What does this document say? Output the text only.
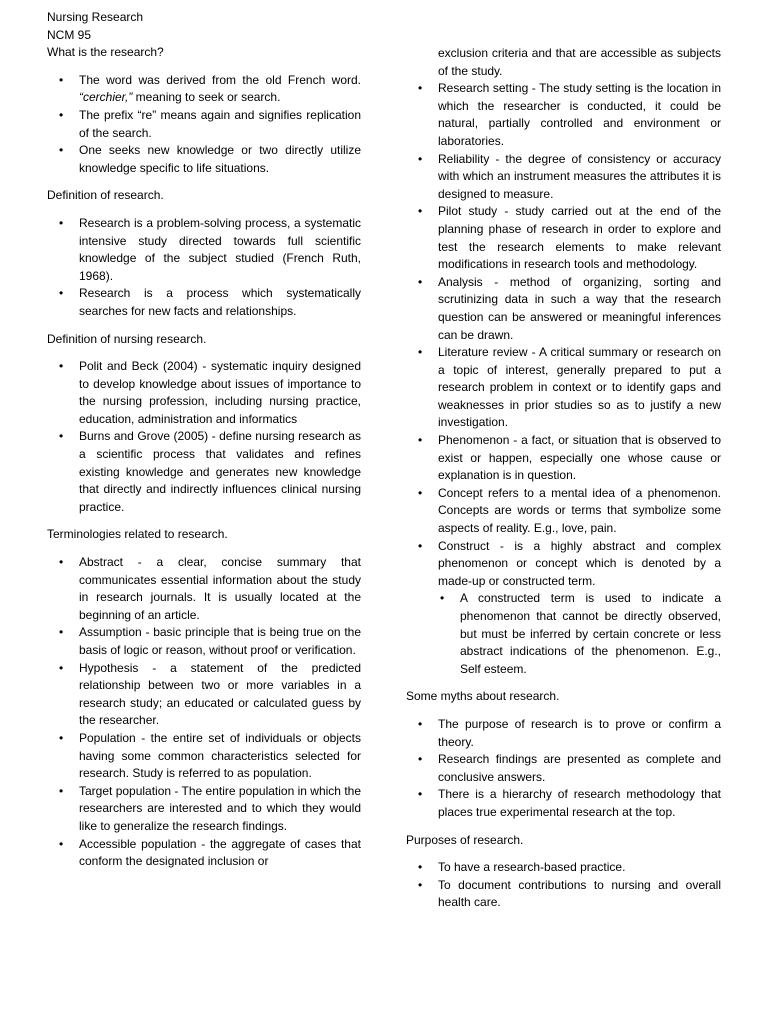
Nursing Research

NCM 95

What is the research?

• The word was derived from the old French word. “cerchier,” meaning to seek or search.
• The prefix “re” means again and signifies replication of the search.
• One seeks new knowledge or two directly utilize knowledge specific to life situations.

Definition of research.

• Research is a problem-solving process, a systematic intensive study directed towards full scientific knowledge of the subject studied (French Ruth, 1968).
• Research is a process which systematically searches for new facts and relationships.

Definition of nursing research.

• Polit and Beck (2004) - systematic inquiry designed to develop knowledge about issues of importance to the nursing profession, including nursing practice, education, administration and informatics
• Burns and Grove (2005) - define nursing research as a scientific process that validates and refines existing knowledge and generates new knowledge that directly and indirectly influences clinical nursing practice.

Terminologies related to research.

• Abstract - a clear, concise summary that communicates essential information about the study in research journals. It is usually located at the beginning of an article.
• Assumption - basic principle that is being true on the basis of logic or reason, without proof or verification.
• Hypothesis - a statement of the predicted relationship between two or more variables in a research study; an educated or calculated guess by the researcher.
• Population - the entire set of individuals or objects having some common characteristics selected for research. Study is referred to as population.
• Target population - The entire population in which the researchers are interested and to which they would like to generalize the research findings.
• Accessible population - the aggregate of cases that conform the designated inclusion or
exclusion criteria and that are accessible as subjects of the study.
• Research setting - The study setting is the location in which the researcher is conducted, it could be natural, partially controlled and environment or laboratories.
• Reliability - the degree of consistency or accuracy with which an instrument measures the attributes it is designed to measure.
• Pilot study - study carried out at the end of the planning phase of research in order to explore and test the research elements to make relevant modifications in research tools and methodology.
• Analysis - method of organizing, sorting and scrutinizing data in such a way that the research question can be answered or meaningful inferences can be drawn.
• Literature review - A critical summary or research on a topic of interest, generally prepared to put a research problem in context or to identify gaps and weaknesses in prior studies so as to justify a new investigation.
• Phenomenon - a fact, or situation that is observed to exist or happen, especially one whose cause or explanation is in question.
• Concept refers to a mental idea of a phenomenon. Concepts are words or terms that symbolize some aspects of reality. E.g., love, pain.
• Construct - is a highly abstract and complex phenomenon or concept which is denoted by a made-up or constructed term.
• A constructed term is used to indicate a phenomenon that cannot be directly observed, but must be inferred by certain concrete or less abstract indications of the phenomenon. E.g., Self esteem.

Some myths about research.

• The purpose of research is to prove or confirm a theory.
• Research findings are presented as complete and conclusive answers.
• There is a hierarchy of research methodology that places true experimental research at the top.

Purposes of research.

• To have a research-based practice.
• To document contributions to nursing and overall health care.
